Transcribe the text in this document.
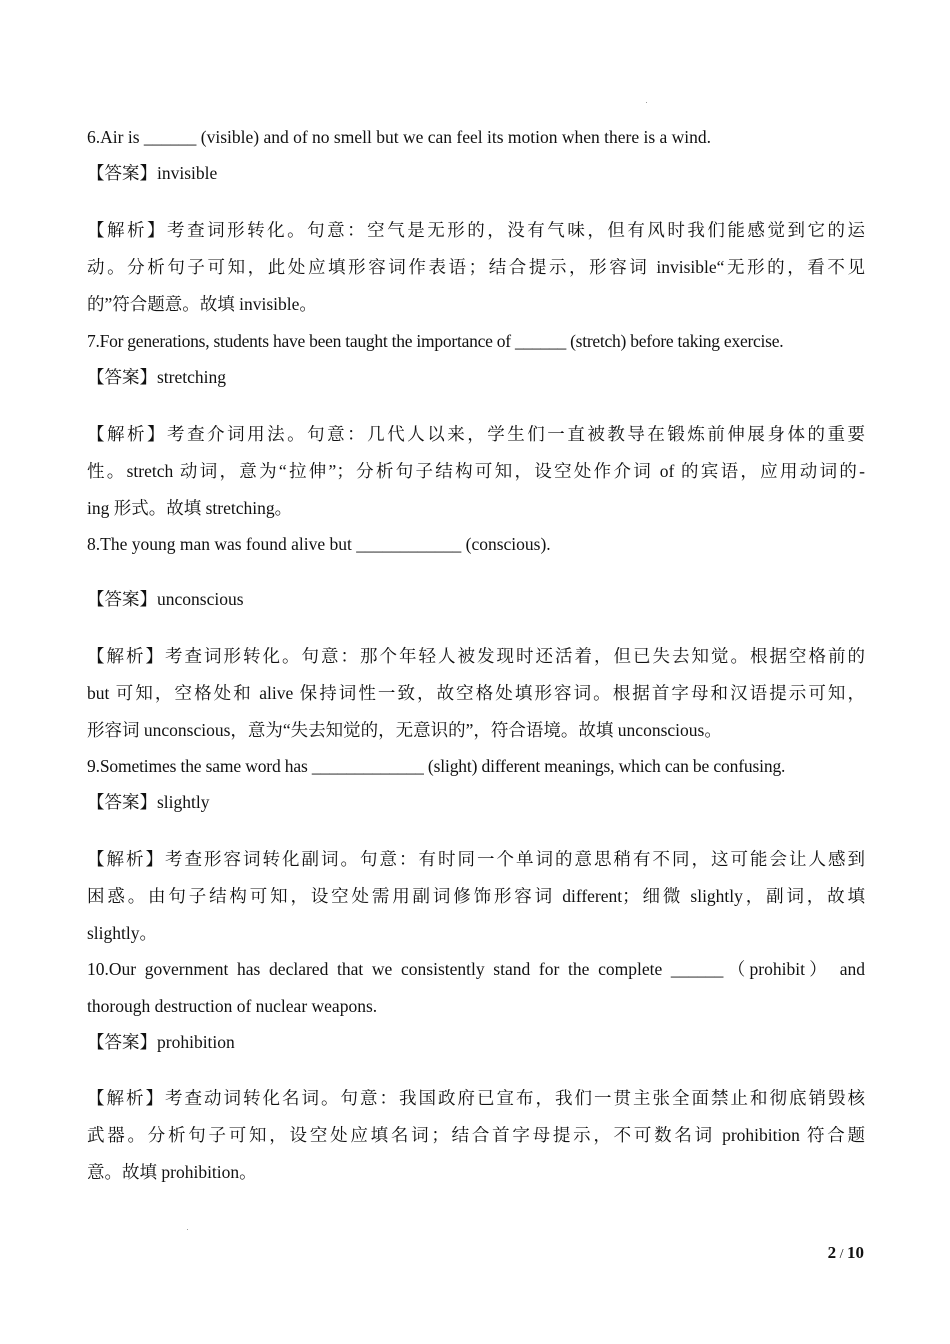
6.Air is ______ (visible) and of no smell but we can feel its motion when there is a wind.
【答案】invisible
【解析】考查词形转化。句意：空气是无形的，没有气味，但有风时我们能感觉到它的运
动。分析句子可知，此处应填形容词作表语；结合提示，形容词 invisible“无形的，看不见
的”符合题意。故填 invisible。
7.For generations, students have been taught the importance of ______ (stretch) before taking exercise.
【答案】stretching
【解析】考查介词用法。句意：几代人以来，学生们一直被教导在锻炼前伸展身体的重要
性。stretch 动词，意为“拉伸”；分析句子结构可知，设空处作介词 of 的宾语，应用动词的-
ing 形式。故填 stretching。
8.The young man was found alive but ____________ (conscious).
【答案】unconscious
【解析】考查词形转化。句意：那个年轻人被发现时还活着，但已失去知觉。根据空格前的
but 可知，空格处和 alive 保持词性一致，故空格处填形容词。根据首字母和汉语提示可知，
形容词 unconscious，意为“失去知觉的，无意识的”，符合语境。故填 unconscious。
9.Sometimes the same word has _____________ (slight) different meanings, which can be confusing.
【答案】slightly
【解析】考查形容词转化副词。句意：有时同一个单词的意思稍有不同，这可能会让人感到
困惑。由句子结构可知，设空处需用副词修饰形容词 different；细微 slightly，副词，故填
slightly。
10.Our government has declared that we consistently stand for the complete ______（prohibit） and
thorough destruction of nuclear weapons.
【答案】prohibition
【解析】考查动词转化名词。句意：我国政府已宣布，我们一贯主张全面禁止和彻底销毁核
武器。分析句子可知，设空处应填名词；结合首字母提示，不可数名词 prohibition 符合题
意。故填 prohibition。
2 / 10
